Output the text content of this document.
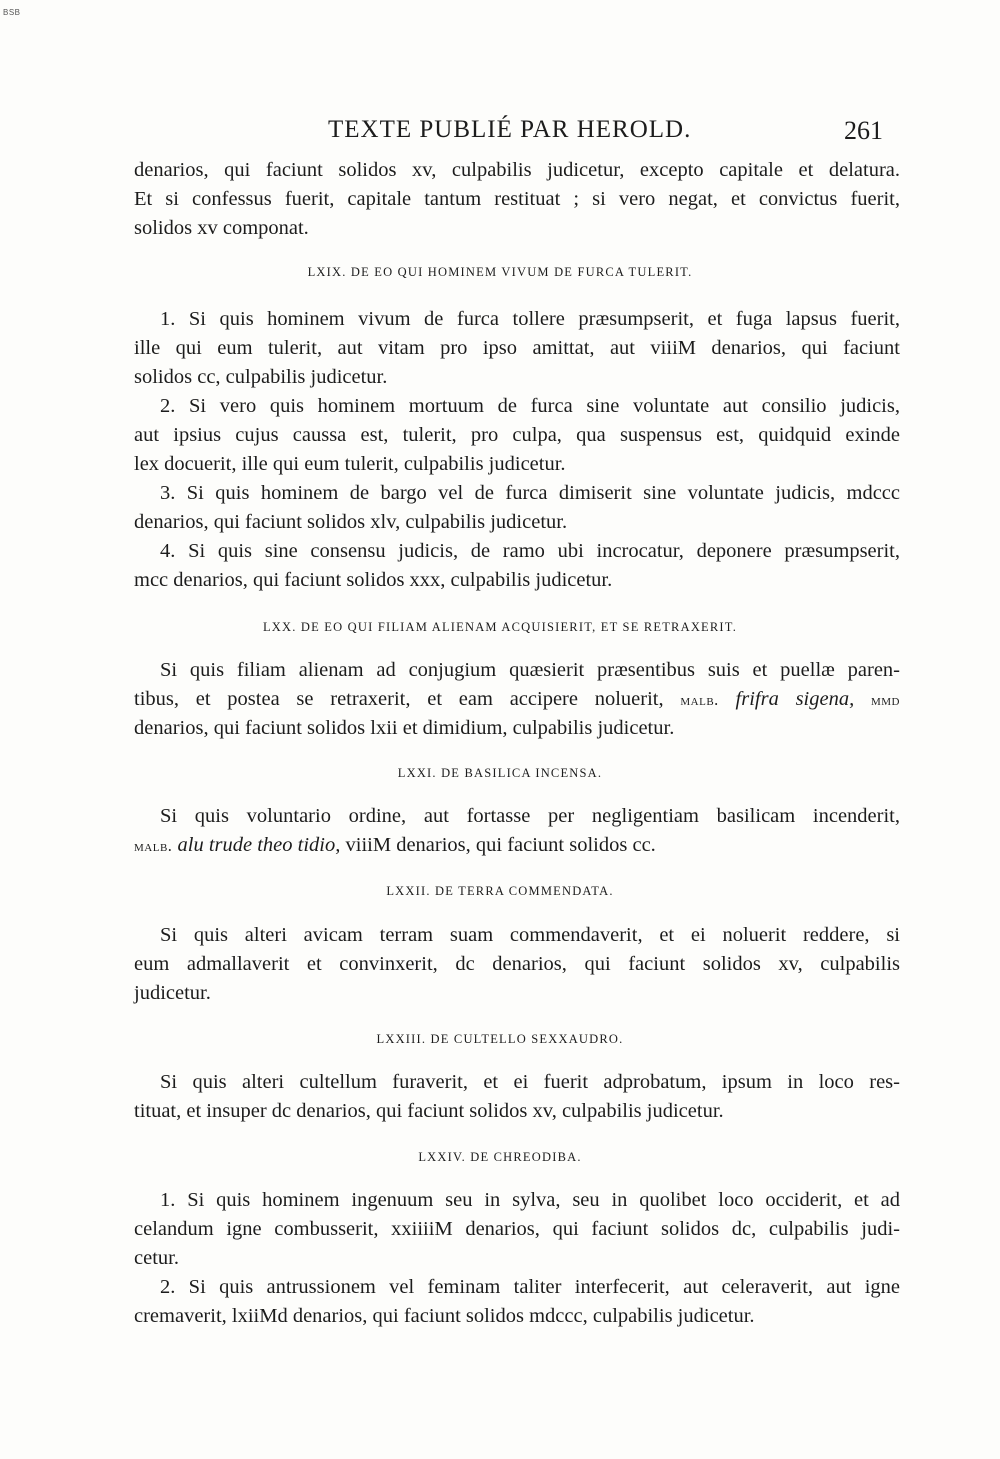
BSB
TEXTE PUBLIÉ PAR HEROLD.	261
denarios, qui faciunt solidos xv, culpabilis judicetur, excepto capitale et delatura.
Et si confessus fuerit, capitale tantum restituat ; si vero negat, et convictus fuerit,
solidos xv componat.
LXIX. DE EO QUI HOMINEM VIVUM DE FURCA TULERIT.
1. Si quis hominem vivum de furca tollere præsumpserit, et fuga lapsus fuerit,
ille qui eum tulerit, aut vitam pro ipso amittat, aut viiiM denarios, qui faciunt
solidos cc, culpabilis judicetur.
2. Si vero quis hominem mortuum de furca sine voluntate aut consilio judicis,
aut ipsius cujus caussa est, tulerit, pro culpa, qua suspensus est, quidquid exinde
lex docuerit, ille qui eum tulerit, culpabilis judicetur.
3. Si quis hominem de bargo vel de furca dimiserit sine voluntate judicis, mdccc
denarios, qui faciunt solidos xlv, culpabilis judicetur.
4. Si quis sine consensu judicis, de ramo ubi incrocatur, deponere præsumpserit,
mcc denarios, qui faciunt solidos xxx, culpabilis judicetur.
LXX. DE EO QUI FILIAM ALIENAM ACQUISIERIT, ET SE RETRAXERIT.
Si quis filiam alienam ad conjugium quæsierit præsentibus suis et puellæ paren-
tibus, et postea se retraxerit, et eam accipere noluerit, malb. frifra sigena, mmd
denarios, qui faciunt solidos lxii et dimidium, culpabilis judicetur.
LXXI. DE BASILICA INCENSA.
Si quis voluntario ordine, aut fortasse per negligentiam basilicam incenderit,
malb. alu trude theo tidio, viiiM denarios, qui faciunt solidos cc.
LXXII. DE TERRA COMMENDATA.
Si quis alteri avicam terram suam commendaverit, et ei noluerit reddere, si
eum admallaverit et convinxerit, dc denarios, qui faciunt solidos xv, culpabilis
judicetur.
LXXIII. DE CULTELLO SEXXAUDRO.
Si quis alteri cultellum furaverit, et ei fuerit adprobatum, ipsum in loco res-
tituat, et insuper dc denarios, qui faciunt solidos xv, culpabilis judicetur.
LXXIV. DE CHREODIBA.
1. Si quis hominem ingenuum seu in sylva, seu in quolibet loco occiderit, et ad
celandum igne combusserit, xxiiiiM denarios, qui faciunt solidos dc, culpabilis judi-
cetur.
2. Si quis antrussionem vel feminam taliter interfecerit, aut celeraverit, aut igne
cremaverit, lxiiMd denarios, qui faciunt solidos mdccc, culpabilis judicetur.
